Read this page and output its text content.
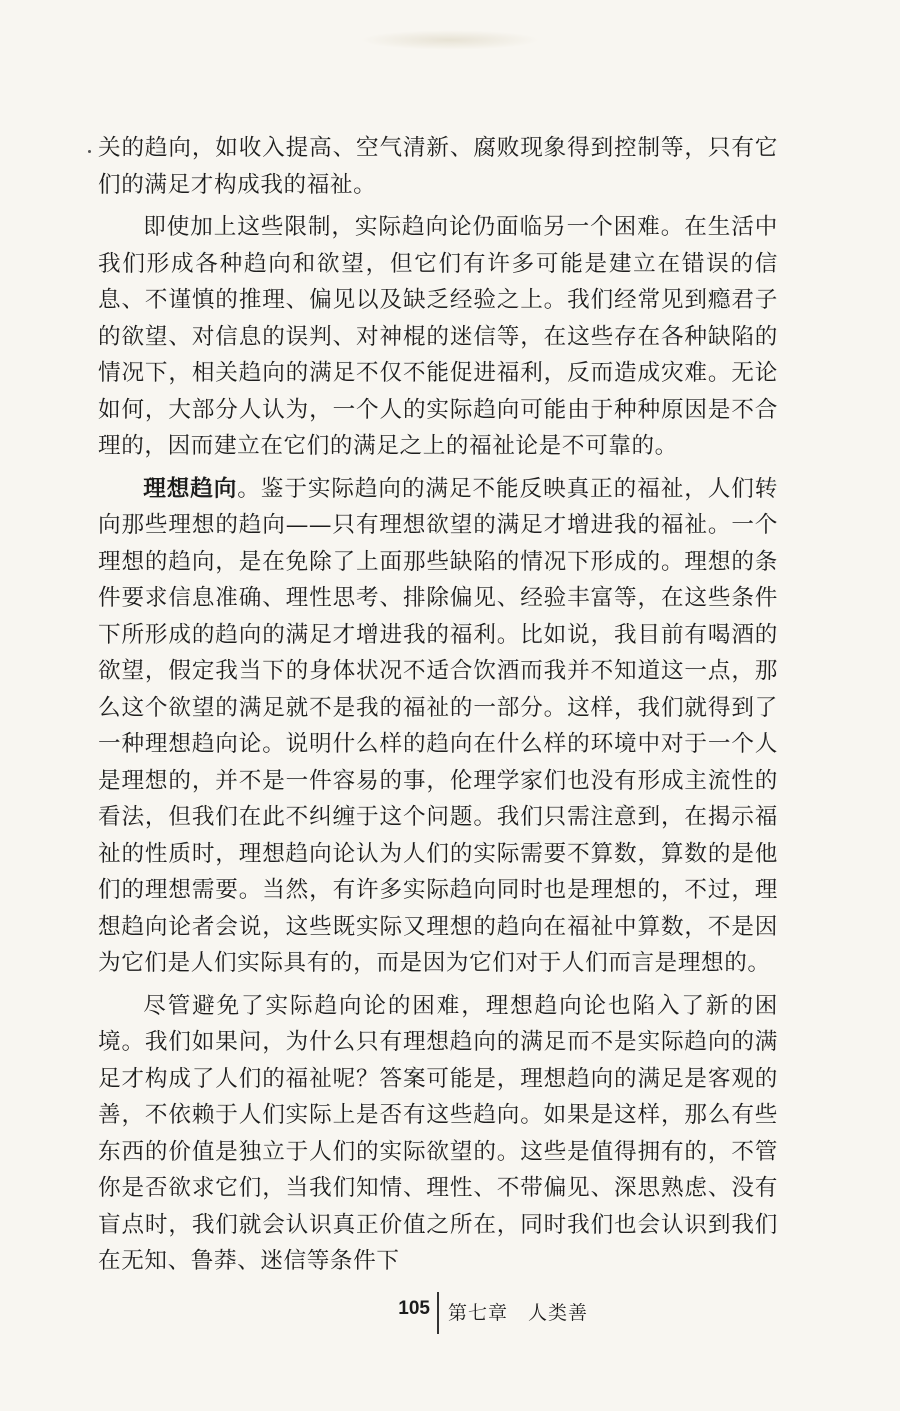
关的趋向，如收入提高、空气清新、腐败现象得到控制等，只有它们的满足才构成我的福祉。

即使加上这些限制，实际趋向论仍面临另一个困难。在生活中我们形成各种趋向和欲望，但它们有许多可能是建立在错误的信息、不谨慎的推理、偏见以及缺乏经验之上。我们经常见到瘾君子的欲望、对信息的误判、对神棍的迷信等，在这些存在各种缺陷的情况下，相关趋向的满足不仅不能促进福利，反而造成灾难。无论如何，大部分人认为，一个人的实际趋向可能由于种种原因是不合理的，因而建立在它们的满足之上的福祉论是不可靠的。

理想趋向。鉴于实际趋向的满足不能反映真正的福祉，人们转向那些理想的趋向——只有理想欲望的满足才增进我的福祉。一个理想的趋向，是在免除了上面那些缺陷的情况下形成的。理想的条件要求信息准确、理性思考、排除偏见、经验丰富等，在这些条件下所形成的趋向的满足才增进我的福利。比如说，我目前有喝酒的欲望，假定我当下的身体状况不适合饮酒而我并不知道这一点，那么这个欲望的满足就不是我的福祉的一部分。这样，我们就得到了一种理想趋向论。说明什么样的趋向在什么样的环境中对于一个人是理想的，并不是一件容易的事，伦理学家们也没有形成主流性的看法，但我们在此不纠缠于这个问题。我们只需注意到，在揭示福祉的性质时，理想趋向论认为人们的实际需要不算数，算数的是他们的理想需要。当然，有许多实际趋向同时也是理想的，不过，理想趋向论者会说，这些既实际又理想的趋向在福祉中算数，不是因为它们是人们实际具有的，而是因为它们对于人们而言是理想的。

尽管避免了实际趋向论的困难，理想趋向论也陷入了新的困境。我们如果问，为什么只有理想趋向的满足而不是实际趋向的满足才构成了人们的福祉呢？答案可能是，理想趋向的满足是客观的善，不依赖于人们实际上是否有这些趋向。如果是这样，那么有些东西的价值是独立于人们的实际欲望的。这些是值得拥有的，不管你是否欲求它们，当我们知情、理性、不带偏见、深思熟虑、没有盲点时，我们就会认识真正价值之所在，同时我们也会认识到我们在无知、鲁莽、迷信等条件下

105 第七章　人类善
